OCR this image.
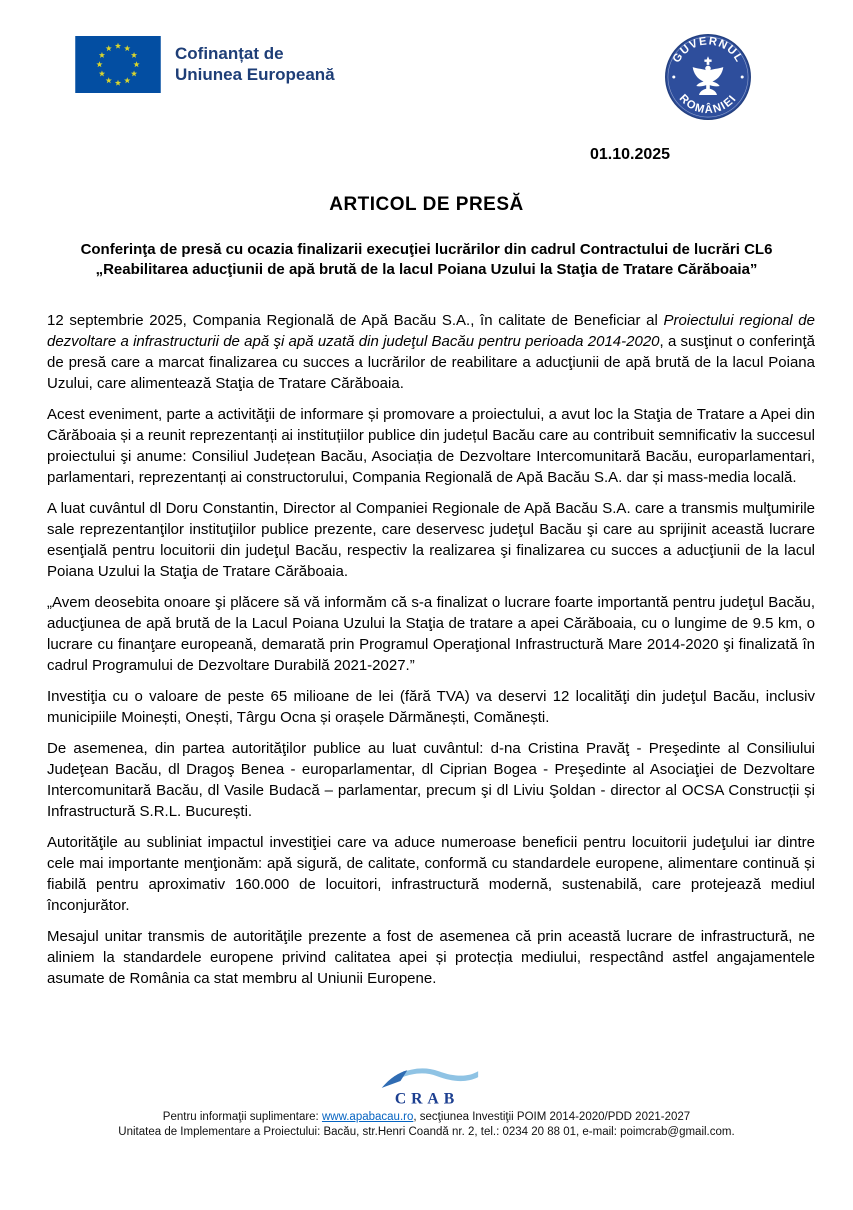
Cofinanțat de
Uniunea Europeană
GUVERNUL
ROMÂNIEI
01.10.2025
ARTICOL DE PRESĂ
Conferinţa de presă cu ocazia finalizarii execuţiei lucrărilor din cadrul Contractului de lucrări CL6 „Reabilitarea aducţiunii de apă brută de la lacul Poiana Uzului la Staţia de Tratare Cărăboaia”

12 septembrie 2025, Compania Regională de Apă Bacău S.A., în calitate de Beneficiar al Proiectului regional de dezvoltare a infrastructurii de apă şi apă uzată din judeţul Bacău pentru perioada 2014-2020, a susţinut o conferinţă de presă care a marcat finalizarea cu succes a lucrărilor de reabilitare a aducţiunii de apă brută de la lacul Poiana Uzului, care alimentează Staţia de Tratare Cărăboaia.

Acest eveniment, parte a activităţii de informare și promovare a proiectului, a avut loc la Staţia de Tratare a Apei din Cărăboaia și a reunit reprezentanți ai instituțiilor publice din județul Bacău care au contribuit semnificativ la succesul proiectului şi anume: Consiliul Județean Bacău, Asociația de Dezvoltare Intercomunitară Bacău, europarlamentari, parlamentari, reprezentanți ai constructorului, Compania Regională de Apă Bacău S.A. dar și mass-media locală.

A luat cuvântul dl Doru Constantin, Director al Companiei Regionale de Apă Bacău S.A. care a transmis mulţumirile sale reprezentanţilor instituţiilor publice prezente, care deservesc judeţul Bacău şi care au sprijinit această lucrare esenţială pentru locuitorii din judeţul Bacău, respectiv la realizarea şi finalizarea cu succes a aducţiunii de la lacul Poiana Uzului la Staţia de Tratare Cărăboaia.

„Avem deosebita onoare şi plăcere să vă informăm că s-a finalizat o lucrare foarte importantă pentru judeţul Bacău, aducţiunea de apă brută de la Lacul Poiana Uzului la Staţia de tratare a apei Cărăboaia, cu o lungime de 9.5 km, o lucrare cu finanţare europeană, demarată prin Programul Operaţional Infrastructură Mare 2014-2020 şi finalizată în cadrul Programului de Dezvoltare Durabilă 2021-2027.”

Investiţia cu o valoare de peste 65 milioane de lei (fără TVA) va deservi 12 localităţi din judeţul Bacău, inclusiv municipiile Moinești, Onești, Târgu Ocna și orașele Dărmănești, Comănești.

De asemenea, din partea autorităţilor publice au luat cuvântul: d-na Cristina Pravăţ - Preşedinte al Consiliului Judeţean Bacău, dl Dragoş Benea - europarlamentar, dl Ciprian Bogea - Preşedinte al Asociaţiei de Dezvoltare Intercomunitară Bacău, dl Vasile Budacă – parlamentar, precum şi dl Liviu Şoldan - director al OCSA Construcții și Infrastructură S.R.L. București.

Autorităţile au subliniat impactul investiţiei care va aduce numeroase beneficii pentru locuitorii judeţului iar dintre cele mai importante menţionăm: apă sigură, de calitate, conformă cu standardele europene, alimentare continuă și fiabilă pentru aproximativ 160.000 de locuitori, infrastructură modernă, sustenabilă, care protejează mediul înconjurător.

Mesajul unitar transmis de autorităţile prezente a fost de asemenea că prin această lucrare de infrastructură, ne aliniem la standardele europene privind calitatea apei și protecția mediului, respectând astfel angajamentele asumate de România ca stat membru al Uniunii Europene.

CRAB
Pentru informaţii suplimentare: www.apabacau.ro, secţiunea Investiţii POIM 2014-2020/PDD 2021-2027
Unitatea de Implementare a Proiectului: Bacău, str.Henri Coandă nr. 2, tel.: 0234 20 88 01, e-mail: poimcrab@gmail.com.
